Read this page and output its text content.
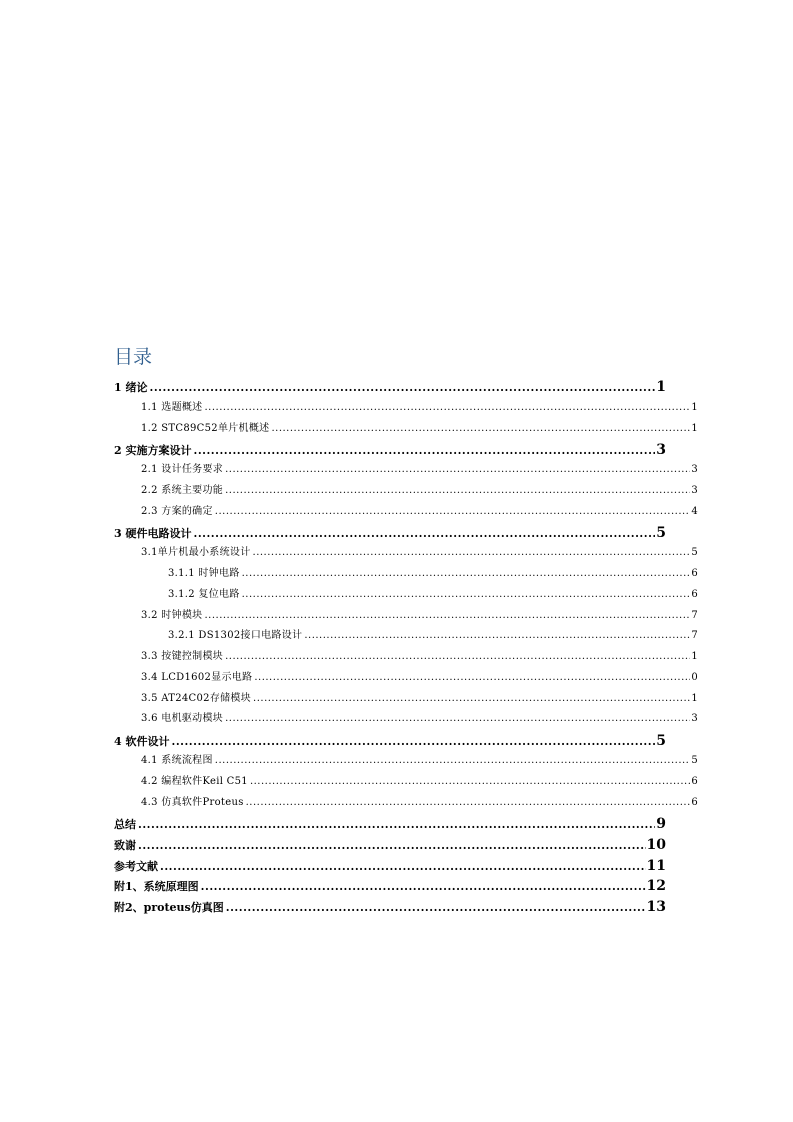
目录
1 绪论 .....	1
1.1 选题概述 .....	1
1.2 STC89C52单片机概述 .....	1
2 实施方案设计 .....	3
2.1 设计任务要求 .....	3
2.2 系统主要功能 .....	3
2.3 方案的确定 .....	4
3 硬件电路设计 .....	5
3.1单片机最小系统设计 .....	5
3.1.1 时钟电路 .....	6
3.1.2 复位电路 .....	6
3.2 时钟模块 .....	7
3.2.1 DS1302接口电路设计 .....	7
3.3 按键控制模块 .....	1
3.4 LCD1602显示电路 .....	0
3.5 AT24C02存储模块 .....	1
3.6 电机驱动模块 .....	3
4 软件设计 .....	5
4.1 系统流程图 .....	5
4.2 编程软件Keil C51 .....	6
4.3 仿真软件Proteus .....	6
总结 .....	9
致谢 .....	10
参考文献 .....	11
附1、系统原理图 .....	12
附2、proteus仿真图 .....	13
